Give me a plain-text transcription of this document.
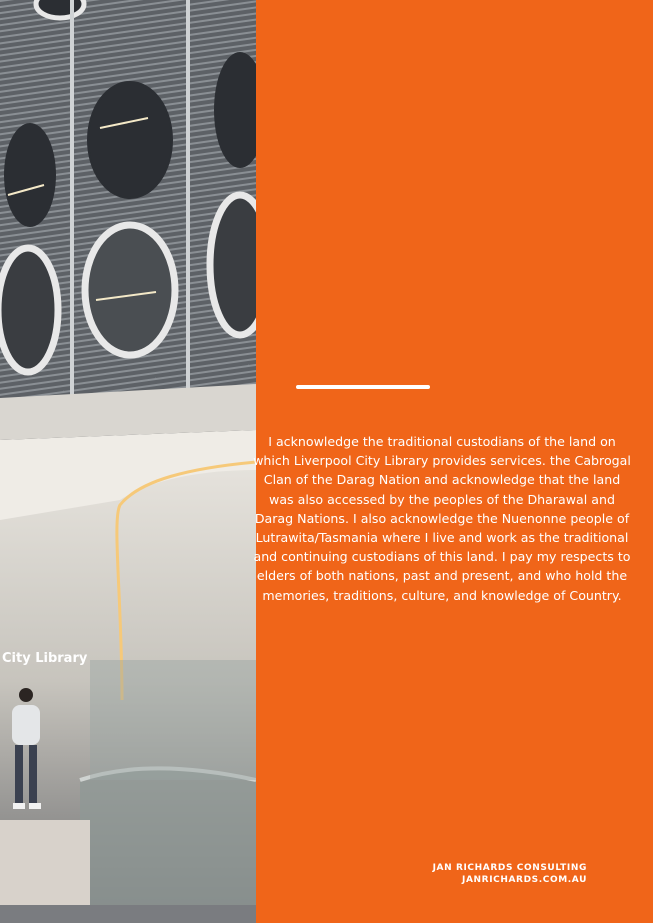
City Library

I acknowledge the traditional custodians of the land on which Liverpool City Library provides services. the Cabrogal Clan of the Darag Nation and acknowledge that the land was also accessed by the peoples of the Dharawal and Darag Nations. I also acknowledge the Nuenonne people of Lutrawita/Tasmania where I live and work as the traditional and continuing custodians of this land. I pay my respects to elders of both nations, past and present, and who hold the memories, traditions, culture, and knowledge of Country.

JAN RICHARDS CONSULTING
JANRICHARDS.COM.AU
